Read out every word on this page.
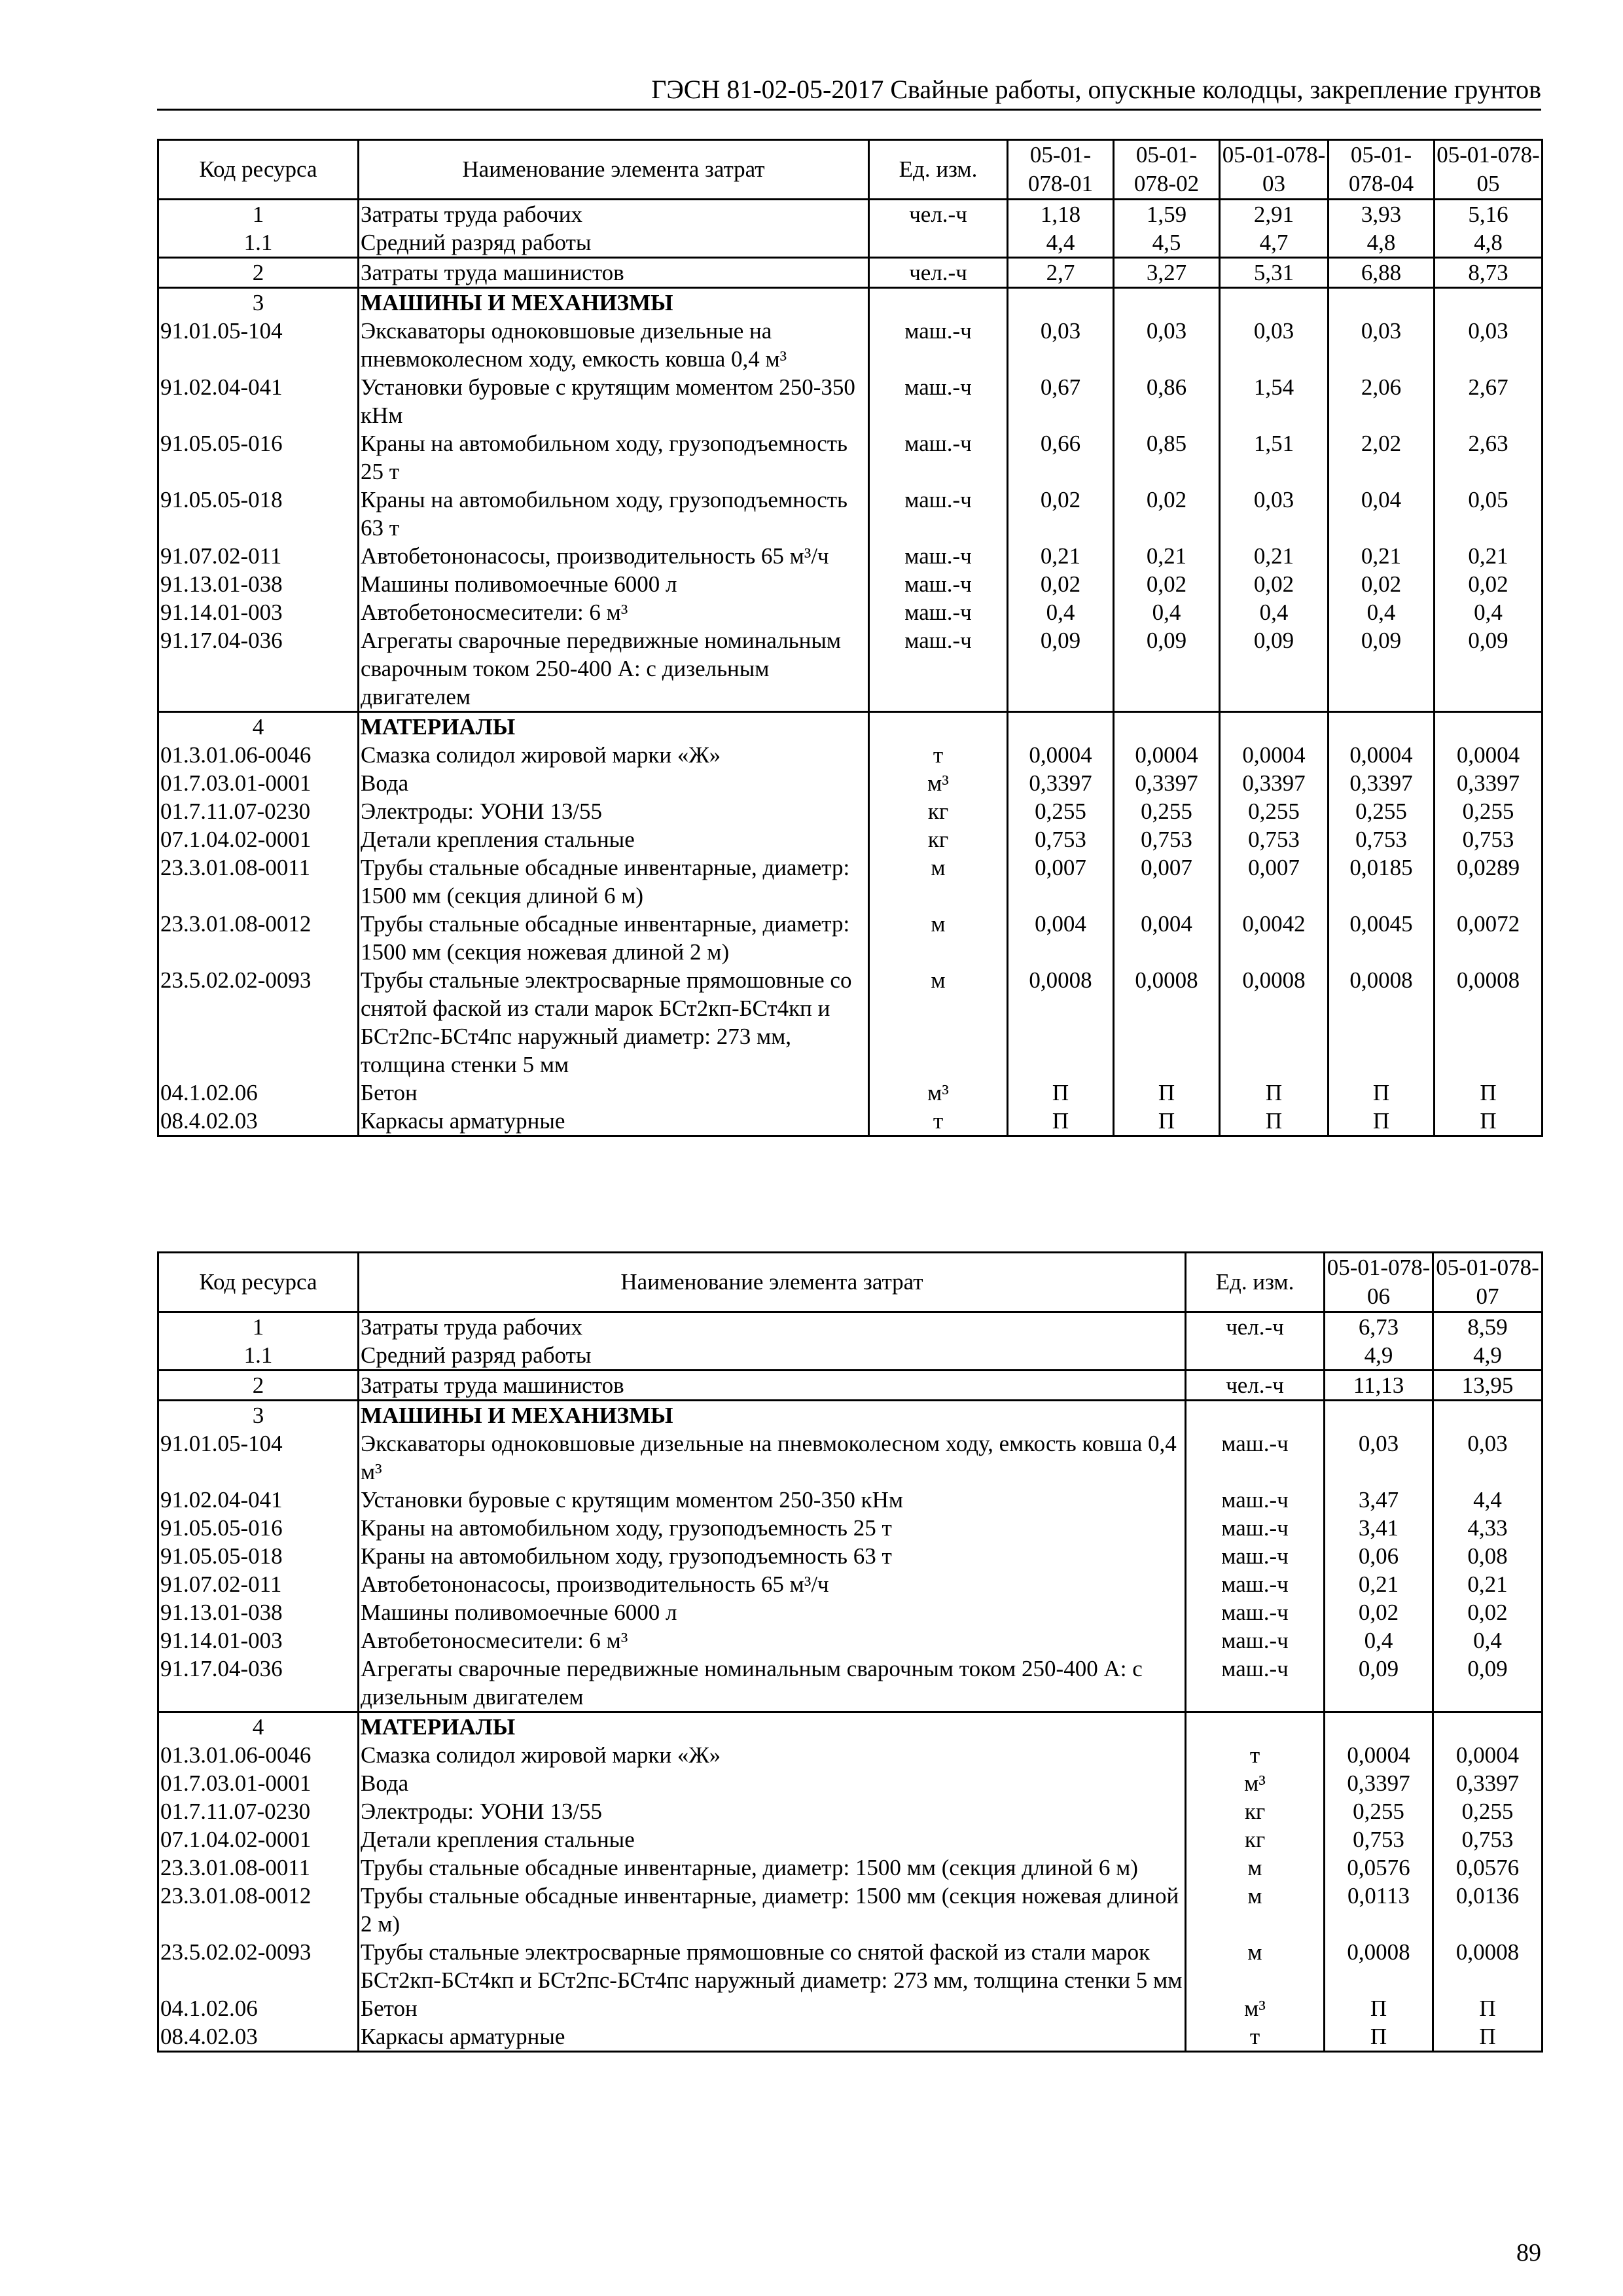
ГЭСН 81-02-05-2017 Свайные работы, опускные колодцы, закрепление грунтов
Код ресурса	Наименование элемента затрат	Ед. изм.	05-01-078-01	05-01-078-02	05-01-078-03	05-01-078-04	05-01-078-05
1	Затраты труда рабочих	чел.-ч	1,18	1,59	2,91	3,93	5,16
1.1	Средний разряд работы		4,4	4,5	4,7	4,8	4,8
2	Затраты труда машинистов	чел.-ч	2,7	3,27	5,31	6,88	8,73
3	МАШИНЫ И МЕХАНИЗМЫ						
91.01.05-104	Экскаваторы одноковшовые дизельные на пневмоколесном ходу, емкость ковша 0,4 м³	маш.-ч	0,03	0,03	0,03	0,03	0,03
91.02.04-041	Установки буровые с крутящим моментом 250-350 кНм	маш.-ч	0,67	0,86	1,54	2,06	2,67
91.05.05-016	Краны на автомобильном ходу, грузоподъемность 25 т	маш.-ч	0,66	0,85	1,51	2,02	2,63
91.05.05-018	Краны на автомобильном ходу, грузоподъемность 63 т	маш.-ч	0,02	0,02	0,03	0,04	0,05
91.07.02-011	Автобетононасосы, производительность 65 м³/ч	маш.-ч	0,21	0,21	0,21	0,21	0,21
91.13.01-038	Машины поливомоечные 6000 л	маш.-ч	0,02	0,02	0,02	0,02	0,02
91.14.01-003	Автобетоносмесители: 6 м³	маш.-ч	0,4	0,4	0,4	0,4	0,4
91.17.04-036	Агрегаты сварочные передвижные номинальным сварочным током 250-400 А: с дизельным двигателем	маш.-ч	0,09	0,09	0,09	0,09	0,09
4	МАТЕРИАЛЫ						
01.3.01.06-0046	Смазка солидол жировой марки «Ж»	т	0,0004	0,0004	0,0004	0,0004	0,0004
01.7.03.01-0001	Вода	м³	0,3397	0,3397	0,3397	0,3397	0,3397
01.7.11.07-0230	Электроды: УОНИ 13/55	кг	0,255	0,255	0,255	0,255	0,255
07.1.04.02-0001	Детали крепления стальные	кг	0,753	0,753	0,753	0,753	0,753
23.3.01.08-0011	Трубы стальные обсадные инвентарные, диаметр: 1500 мм (секция длиной 6 м)	м	0,007	0,007	0,007	0,0185	0,0289
23.3.01.08-0012	Трубы стальные обсадные инвентарные, диаметр: 1500 мм (секция ножевая длиной 2 м)	м	0,004	0,004	0,0042	0,0045	0,0072
23.5.02.02-0093	Трубы стальные электросварные прямошовные со снятой фаской из стали марок БСт2кп-БСт4кп и БСт2пс-БСт4пс наружный диаметр: 273 мм, толщина стенки 5 мм	м	0,0008	0,0008	0,0008	0,0008	0,0008
04.1.02.06	Бетон	м³	П	П	П	П	П
08.4.02.03	Каркасы арматурные	т	П	П	П	П	П
Код ресурса	Наименование элемента затрат	Ед. изм.	05-01-078-06	05-01-078-07
1	Затраты труда рабочих	чел.-ч	6,73	8,59
1.1	Средний разряд работы		4,9	4,9
2	Затраты труда машинистов	чел.-ч	11,13	13,95
3	МАШИНЫ И МЕХАНИЗМЫ			
91.01.05-104	Экскаваторы одноковшовые дизельные на пневмоколесном ходу, емкость ковша 0,4 м³	маш.-ч	0,03	0,03
91.02.04-041	Установки буровые с крутящим моментом 250-350 кНм	маш.-ч	3,47	4,4
91.05.05-016	Краны на автомобильном ходу, грузоподъемность 25 т	маш.-ч	3,41	4,33
91.05.05-018	Краны на автомобильном ходу, грузоподъемность 63 т	маш.-ч	0,06	0,08
91.07.02-011	Автобетононасосы, производительность 65 м³/ч	маш.-ч	0,21	0,21
91.13.01-038	Машины поливомоечные 6000 л	маш.-ч	0,02	0,02
91.14.01-003	Автобетоносмесители: 6 м³	маш.-ч	0,4	0,4
91.17.04-036	Агрегаты сварочные передвижные номинальным сварочным током 250-400 А: с дизельным двигателем	маш.-ч	0,09	0,09
4	МАТЕРИАЛЫ			
01.3.01.06-0046	Смазка солидол жировой марки «Ж»	т	0,0004	0,0004
01.7.03.01-0001	Вода	м³	0,3397	0,3397
01.7.11.07-0230	Электроды: УОНИ 13/55	кг	0,255	0,255
07.1.04.02-0001	Детали крепления стальные	кг	0,753	0,753
23.3.01.08-0011	Трубы стальные обсадные инвентарные, диаметр: 1500 мм (секция длиной 6 м)	м	0,0576	0,0576
23.3.01.08-0012	Трубы стальные обсадные инвентарные, диаметр: 1500 мм (секция ножевая длиной 2 м)	м	0,0113	0,0136
23.5.02.02-0093	Трубы стальные электросварные прямошовные со снятой фаской из стали марок БСт2кп-БСт4кп и БСт2пс-БСт4пс наружный диаметр: 273 мм, толщина стенки 5 мм	м	0,0008	0,0008
04.1.02.06	Бетон	м³	П	П
08.4.02.03	Каркасы арматурные	т	П	П
89
